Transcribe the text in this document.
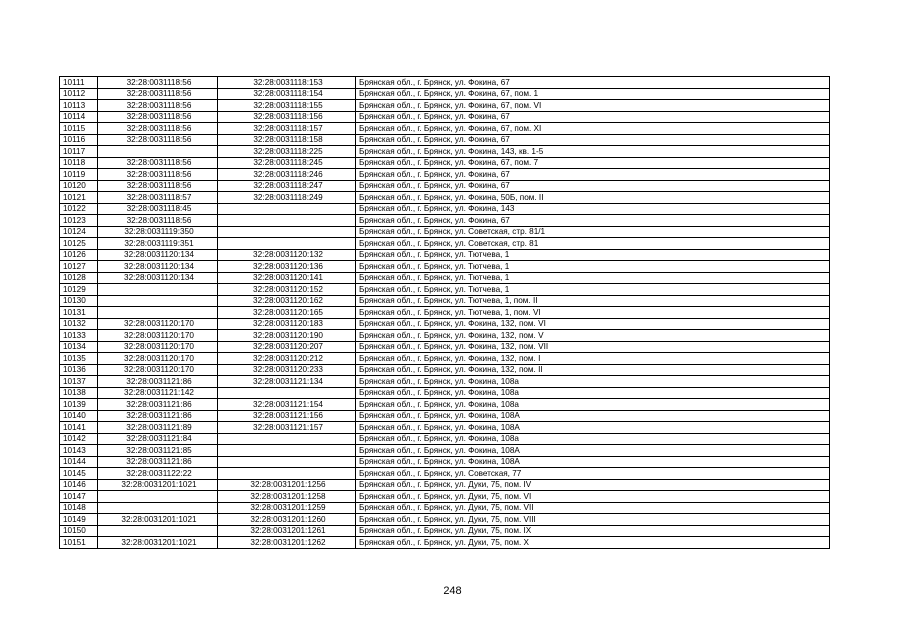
10111	32:28:0031118:56	32:28:0031118:153	Брянская обл., г. Брянск, ул. Фокина, 67
10112	32:28:0031118:56	32:28:0031118:154	Брянская обл., г. Брянск, ул. Фокина, 67, пом. 1
10113	32:28:0031118:56	32:28:0031118:155	Брянская обл., г. Брянск, ул. Фокина, 67, пом. VI
10114	32:28:0031118:56	32:28:0031118:156	Брянская обл., г. Брянск, ул. Фокина, 67
10115	32:28:0031118:56	32:28:0031118:157	Брянская обл., г. Брянск, ул. Фокина, 67, пом. XI
10116	32:28:0031118:56	32:28:0031118:158	Брянская обл., г. Брянск, ул. Фокина, 67
10117		32:28:0031118:225	Брянская обл., г. Брянск, ул. Фокина, 143, кв. 1-5
10118	32:28:0031118:56	32:28:0031118:245	Брянская обл., г. Брянск, ул. Фокина, 67, пом. 7
10119	32:28:0031118:56	32:28:0031118:246	Брянская обл., г. Брянск, ул. Фокина, 67
10120	32:28:0031118:56	32:28:0031118:247	Брянская обл., г. Брянск, ул. Фокина, 67
10121	32:28:0031118:57	32:28:0031118:249	Брянская обл., г. Брянск, ул. Фокина, 50Б, пом. II
10122	32:28:0031118:45		Брянская обл., г. Брянск, ул. Фокина, 143
10123	32:28:0031118:56		Брянская обл., г. Брянск, ул. Фокина, 67
10124	32:28:0031119:350		Брянская обл., г. Брянск, ул. Советская, стр. 81/1
10125	32:28:0031119:351		Брянская обл., г. Брянск, ул. Советская, стр. 81
10126	32:28:0031120:134	32:28:0031120:132	Брянская обл., г. Брянск, ул. Тютчева, 1
10127	32:28:0031120:134	32:28:0031120:136	Брянская обл., г. Брянск, ул. Тютчева, 1
10128	32:28:0031120:134	32:28:0031120:141	Брянская обл., г. Брянск, ул. Тютчева, 1
10129		32:28:0031120:152	Брянская обл., г. Брянск, ул. Тютчева, 1
10130		32:28:0031120:162	Брянская обл., г. Брянск, ул. Тютчева, 1, пом. II
10131		32:28:0031120:165	Брянская обл., г. Брянск, ул. Тютчева, 1, пом. VI
10132	32:28:0031120:170	32:28:0031120:183	Брянская обл., г. Брянск, ул. Фокина, 132, пом. VI
10133	32:28:0031120:170	32:28:0031120:190	Брянская обл., г. Брянск, ул. Фокина, 132, пом. V
10134	32:28:0031120:170	32:28:0031120:207	Брянская обл., г. Брянск, ул. Фокина, 132, пом. VII
10135	32:28:0031120:170	32:28:0031120:212	Брянская обл., г. Брянск, ул. Фокина, 132, пом. I
10136	32:28:0031120:170	32:28:0031120:233	Брянская обл., г. Брянск, ул. Фокина, 132, пом. II
10137	32:28:0031121:86	32:28:0031121:134	Брянская обл., г. Брянск, ул. Фокина, 108а
10138	32:28:0031121:142		Брянская обл., г. Брянск, ул. Фокина, 108а
10139	32:28:0031121:86	32:28:0031121:154	Брянская обл., г. Брянск, ул. Фокина, 108а
10140	32:28:0031121:86	32:28:0031121:156	Брянская обл., г. Брянск, ул. Фокина, 108А
10141	32:28:0031121:89	32:28:0031121:157	Брянская обл., г. Брянск, ул. Фокина, 108А
10142	32:28:0031121:84		Брянская обл., г. Брянск, ул. Фокина, 108а
10143	32:28:0031121:85		Брянская обл., г. Брянск, ул. Фокина, 108А
10144	32:28:0031121:86		Брянская обл., г. Брянск, ул. Фокина, 108А
10145	32:28:0031122:22		Брянская обл., г. Брянск, ул. Советская, 77
10146	32:28:0031201:1021	32:28:0031201:1256	Брянская обл., г. Брянск, ул. Дуки, 75, пом. IV
10147		32:28:0031201:1258	Брянская обл., г. Брянск, ул. Дуки, 75, пом. VI
10148		32:28:0031201:1259	Брянская обл., г. Брянск, ул. Дуки, 75, пом. VII
10149	32:28:0031201:1021	32:28:0031201:1260	Брянская обл., г. Брянск, ул. Дуки, 75, пом. VIII
10150		32:28:0031201:1261	Брянская обл., г. Брянск, ул. Дуки, 75, пом. IX
10151	32:28:0031201:1021	32:28:0031201:1262	Брянская обл., г. Брянск, ул. Дуки, 75, пом. X
248
